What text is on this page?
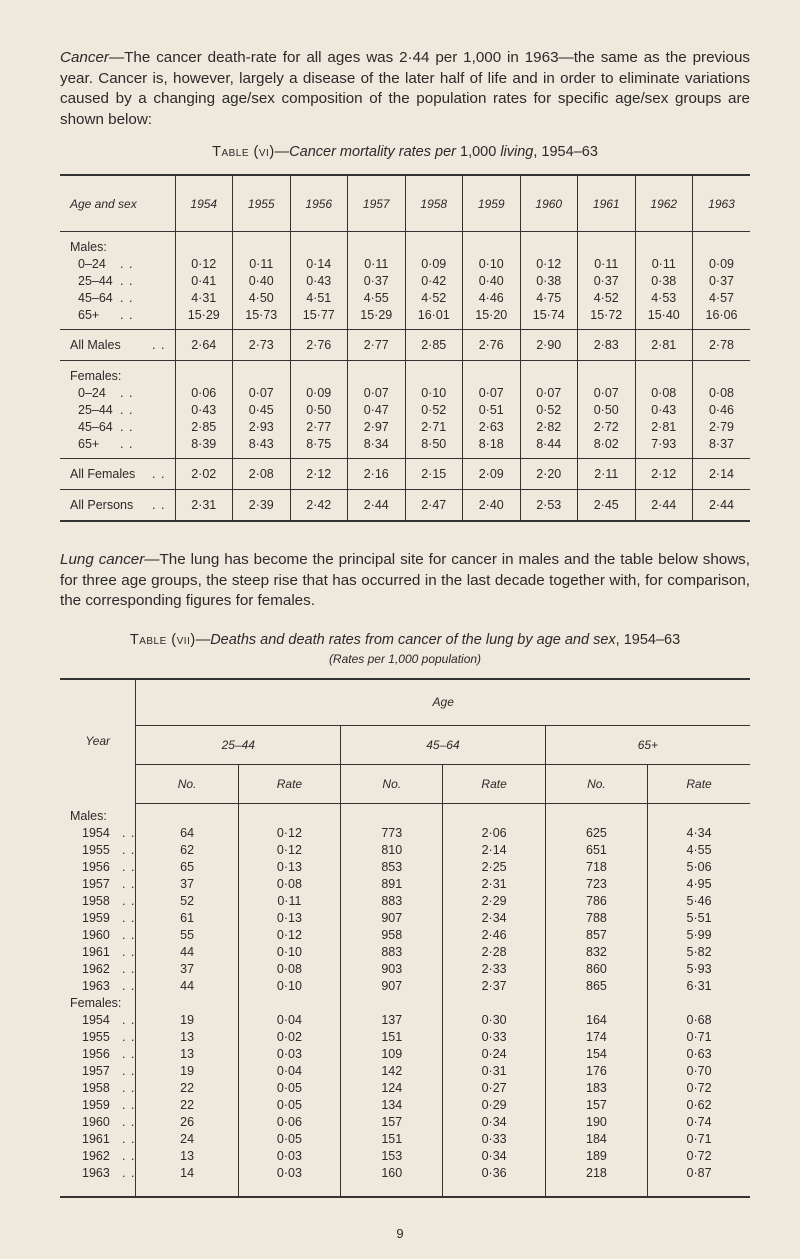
Cancer—The cancer death-rate for all ages was 2·44 per 1,000 in 1963—the same as the previous year. Cancer is, however, largely a disease of the later half of life and in order to eliminate variations caused by a changing age/sex composition of the population rates for specific age/sex groups are shown below:

Table (vi)—Cancer mortality rates per 1,000 living, 1954–63

Age and sex	1954	1955	1956	1957	1958	1959	1960	1961	1962	1963
Males:										
0–24 . .	0·12	0·11	0·14	0·11	0·09	0·10	0·12	0·11	0·11	0·09
25–44 . .	0·41	0·40	0·43	0·37	0·42	0·40	0·38	0·37	0·38	0·37
45–64 . .	4·31	4·50	4·51	4·55	4·52	4·46	4·75	4·52	4·53	4·57
65+ . .	15·29	15·73	15·77	15·29	16·01	15·20	15·74	15·72	15·40	16·06
All Males . .	2·64	2·73	2·76	2·77	2·85	2·76	2·90	2·83	2·81	2·78
Females:										
0–24 . .	0·06	0·07	0·09	0·07	0·10	0·07	0·07	0·07	0·08	0·08
25–44 . .	0·43	0·45	0·50	0·47	0·52	0·51	0·52	0·50	0·43	0·46
45–64 . .	2·85	2·93	2·77	2·97	2·71	2·63	2·82	2·72	2·81	2·79
65+ . .	8·39	8·43	8·75	8·34	8·50	8·18	8·44	8·02	7·93	8·37
All Females . .	2·02	2·08	2·12	2·16	2·15	2·09	2·20	2·11	2·12	2·14
All Persons . .	2·31	2·39	2·42	2·44	2·47	2·40	2·53	2·45	2·44	2·44

Lung cancer—The lung has become the principal site for cancer in males and the table below shows, for three age groups, the steep rise that has occurred in the last decade together with, for comparison, the corresponding figures for females.

Table (vii)—Deaths and death rates from cancer of the lung by age and sex, 1954–63

(Rates per 1,000 population)

Year	Age					
	25–44		45–64		65+	
	No.	Rate	No.	Rate	No.	Rate
Males:						
1954 . .	64	0·12	773	2·06	625	4·34
1955 . .	62	0·12	810	2·14	651	4·55
1956 . .	65	0·13	853	2·25	718	5·06
1957 . .	37	0·08	891	2·31	723	4·95
1958 . .	52	0·11	883	2·29	786	5·46
1959 . .	61	0·13	907	2·34	788	5·51
1960 . .	55	0·12	958	2·46	857	5·99
1961 . .	44	0·10	883	2·28	832	5·82
1962 . .	37	0·08	903	2·33	860	5·93
1963 . .	44	0·10	907	2·37	865	6·31
Females:						
1954 . .	19	0·04	137	0·30	164	0·68
1955 . .	13	0·02	151	0·33	174	0·71
1956 . .	13	0·03	109	0·24	154	0·63
1957 . .	19	0·04	142	0·31	176	0·70
1958 . .	22	0·05	124	0·27	183	0·72
1959 . .	22	0·05	134	0·29	157	0·62
1960 . .	26	0·06	157	0·34	190	0·74
1961 . .	24	0·05	151	0·33	184	0·71
1962 . .	13	0·03	153	0·34	189	0·72
1963 . .	14	0·03	160	0·36	218	0·87
9
